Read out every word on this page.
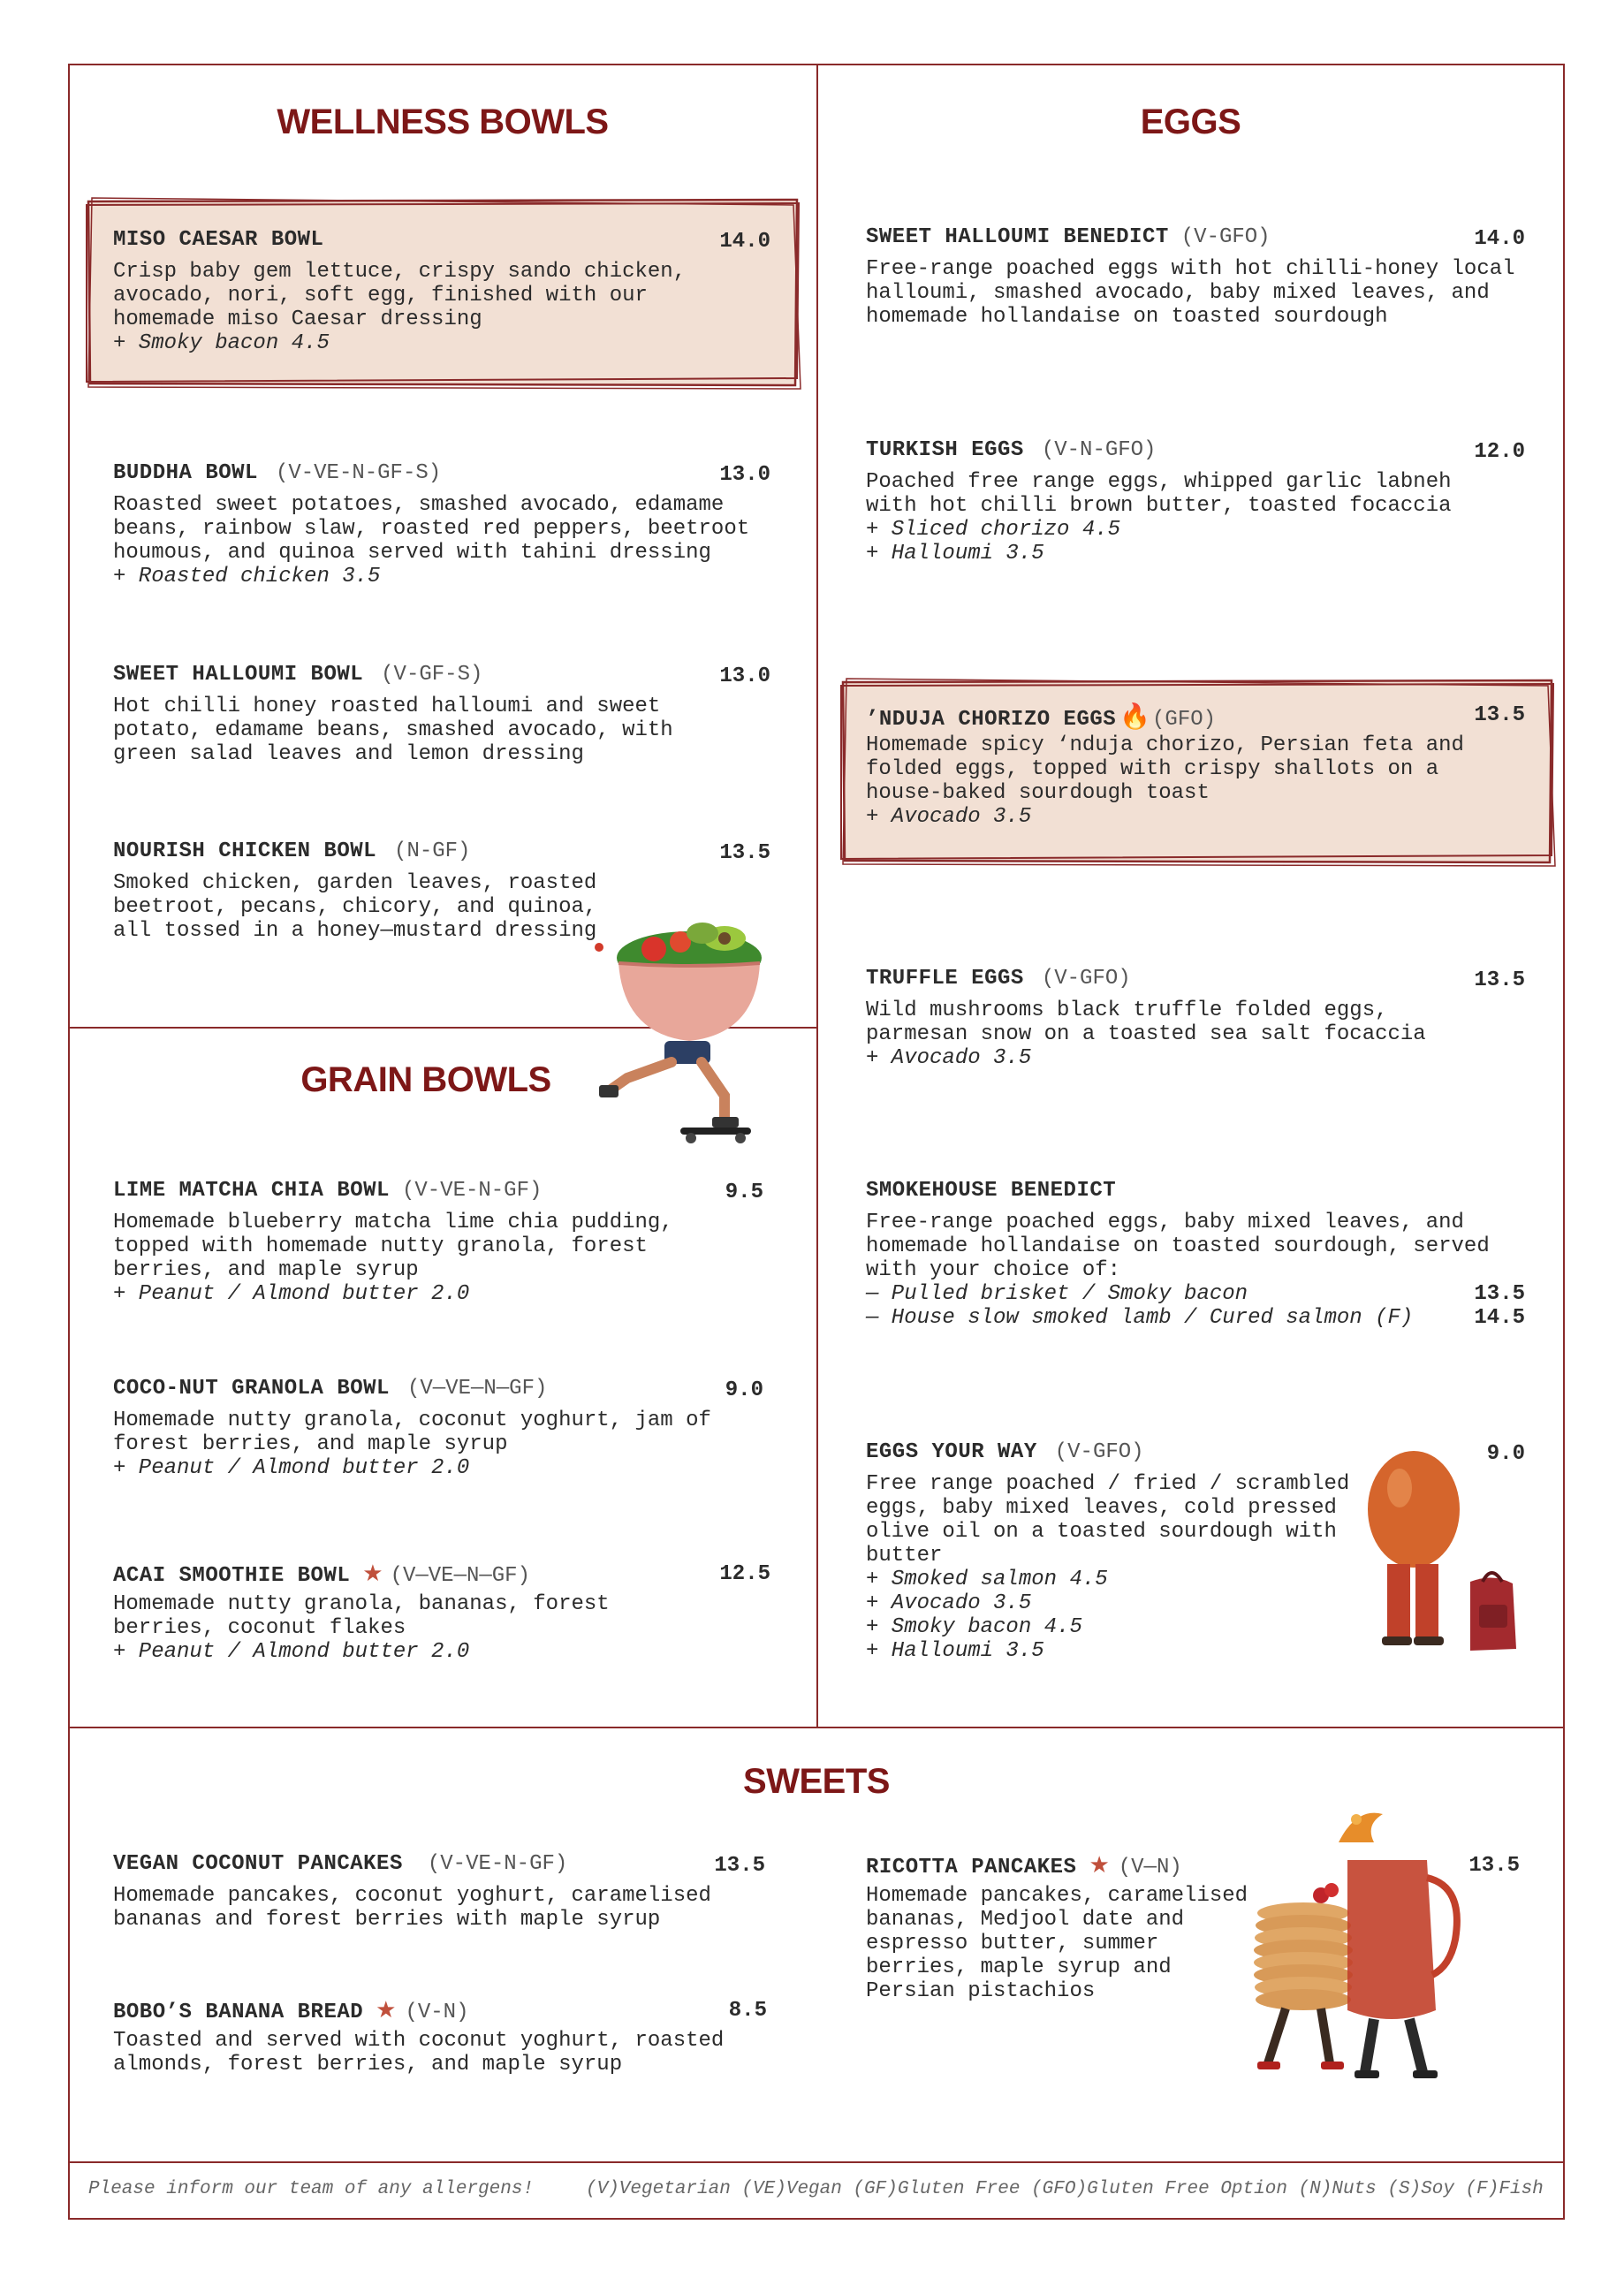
WELLNESS BOWLS	EGGS
GRAIN BOWLS
SWEETS
MISO CAESAR BOWL	14.0
Crisp baby gem lettuce, crispy sando chicken,
avocado, nori, soft egg, finished with our
homemade miso Caesar dressing
+ Smoky bacon 4.5
BUDDHA BOWL (V-VE-N-GF-S)	13.0
Roasted sweet potatoes, smashed avocado, edamame
beans, rainbow slaw, roasted red peppers, beetroot
houmous, and quinoa served with tahini dressing
+ Roasted chicken 3.5
SWEET HALLOUMI BOWL (V-GF-S)	13.0
Hot chilli honey roasted halloumi and sweet
potato, edamame beans, smashed avocado, with
green salad leaves and lemon dressing
NOURISH CHICKEN BOWL (N-GF)	13.5
Smoked chicken, garden leaves, roasted
beetroot, pecans, chicory, and quinoa,
all tossed in a honey—mustard dressing
LIME MATCHA CHIA BOWL (V-VE-N-GF)	9.5
Homemade blueberry matcha lime chia pudding,
topped with homemade nutty granola, forest
berries, and maple syrup
+ Peanut / Almond butter 2.0
COCO-NUT GRANOLA BOWL (V—VE—N—GF)	9.0
Homemade nutty granola, coconut yoghurt, jam of
forest berries, and maple syrup
+ Peanut / Almond butter 2.0
ACAI SMOOTHIE BOWL ★ (V—VE—N—GF)	12.5
Homemade nutty granola, bananas, forest
berries, coconut flakes
+ Peanut / Almond butter 2.0
SWEET HALLOUMI BENEDICT (V-GFO)	14.0
Free-range poached eggs with hot chilli-honey local
halloumi, smashed avocado, baby mixed leaves, and
homemade hollandaise on toasted sourdough
TURKISH EGGS (V-N-GFO)	12.0
Poached free range eggs, whipped garlic labneh
with hot chilli brown butter, toasted focaccia
+ Sliced chorizo 4.5
+ Halloumi 3.5
’NDUJA CHORIZO EGGS 🔥(GFO)	13.5
Homemade spicy ‘nduja chorizo, Persian feta and
folded eggs, topped with crispy shallots on a
house-baked sourdough toast
+ Avocado 3.5
TRUFFLE EGGS (V-GFO)	13.5
Wild mushrooms black truffle folded eggs,
parmesan snow on a toasted sea salt focaccia
+ Avocado 3.5
SMOKEHOUSE BENEDICT
Free-range poached eggs, baby mixed leaves, and
homemade hollandaise on toasted sourdough, served
with your choice of:
— Pulled brisket / Smoky bacon	13.5
— House slow smoked lamb / Cured salmon (F)	14.5
EGGS YOUR WAY (V-GFO)	9.0
Free range poached / fried / scrambled
eggs, baby mixed leaves, cold pressed
olive oil on a toasted sourdough with
butter
+ Smoked salmon 4.5
+ Avocado 3.5
+ Smoky bacon 4.5
+ Halloumi 3.5
VEGAN COCONUT PANCAKES (V-VE-N-GF)	13.5
Homemade pancakes, coconut yoghurt, caramelised
bananas and forest berries with maple syrup
BOBO’S BANANA BREAD ★ (V-N)	8.5
Toasted and served with coconut yoghurt, roasted
almonds, forest berries, and maple syrup
RICOTTA PANCAKES ★ (V—N)	13.5
Homemade pancakes, caramelised
bananas, Medjool date and
espresso butter, summer
berries, maple syrup and
Persian pistachios
Please inform our team of any allergens!	(V)Vegetarian (VE)Vegan (GF)Gluten Free (GFO)Gluten Free Option (N)Nuts (S)Soy (F)Fish
